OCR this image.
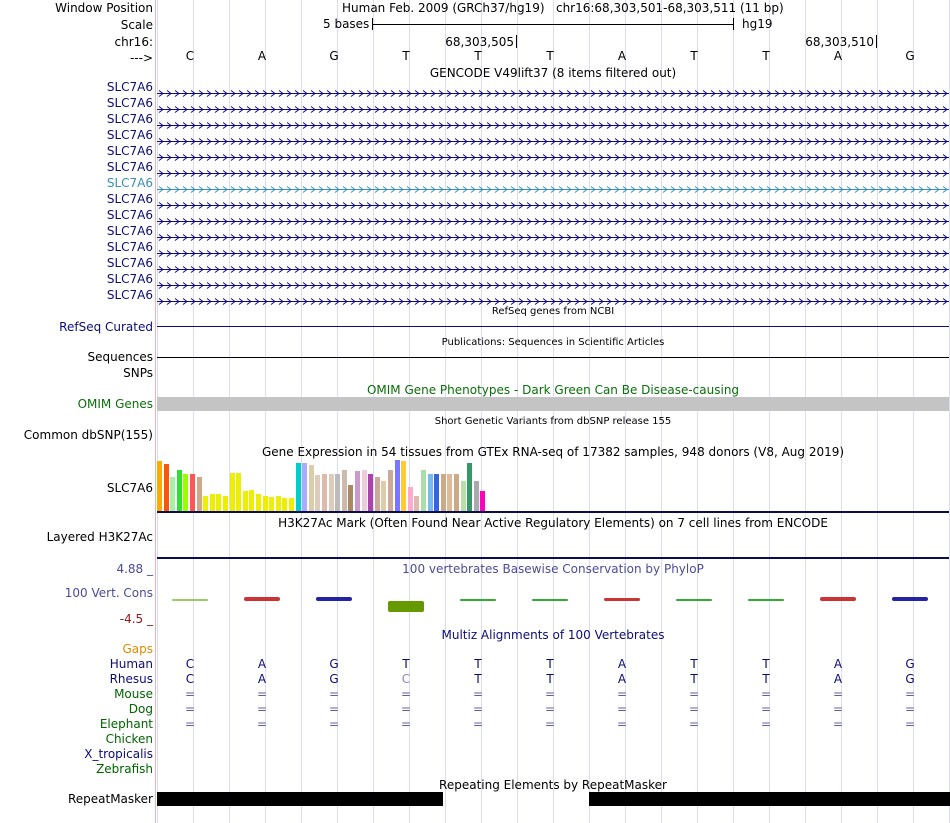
Window Position	Human Feb. 2009 (GRCh37/hg19) chr16:68,303,501-68,303,511 (11 bp)
Scale	5 bases	hg19
chr16:	68,303,505	68,303,510
--->	C	A	G	T	T	T	A	T	T	A	G
GENCODE V49lift37 (8 items filtered out)
SLC7A6
SLC7A6
SLC7A6
SLC7A6
SLC7A6
SLC7A6
SLC7A6
SLC7A6
SLC7A6
SLC7A6
SLC7A6
SLC7A6
SLC7A6
SLC7A6
RefSeq genes from NCBI
RefSeq Curated
Publications: Sequences in Scientific Articles
Sequences
SNPs
OMIM Gene Phenotypes - Dark Green Can Be Disease-causing
OMIM Genes
Short Genetic Variants from dbSNP release 155
Common dbSNP(155)
Gene Expression in 54 tissues from GTEx RNA-seq of 17382 samples, 948 donors (V8, Aug 2019)
SLC7A6
H3K27Ac Mark (Often Found Near Active Regulatory Elements) on 7 cell lines from ENCODE
Layered H3K27Ac
100 vertebrates Basewise Conservation by PhyloP
4.88 _
100 Vert. Cons
-4.5 _
Multiz Alignments of 100 Vertebrates
Gaps
Human	C	A	G	T	T	T	A	T	T	A	G
Rhesus	C	A	G	C	T	T	A	T	T	A	G
Mouse	=	=	=	=	=	=	=	=	=	=	=
Dog	=	=	=	=	=	=	=	=	=	=	=
Elephant	=	=	=	=	=	=	=	=	=	=	=
Chicken
X_tropicalis
Zebrafish
Repeating Elements by RepeatMasker
RepeatMasker
